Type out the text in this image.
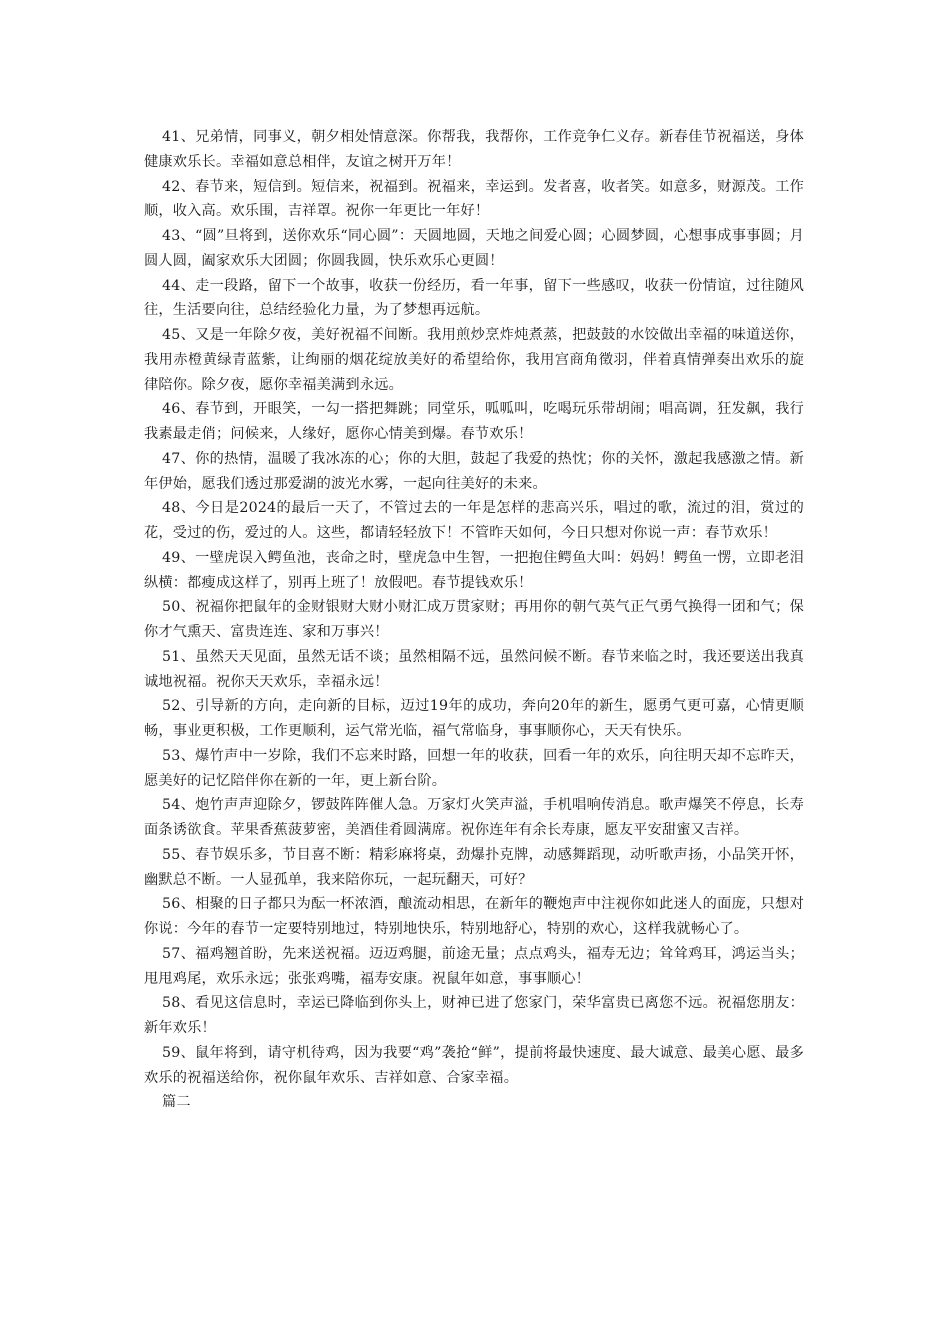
41、兄弟情，同事义，朝夕相处情意深。你帮我，我帮你，工作竞争仁义存。新春佳节祝福送，身体健康欢乐长。幸福如意总相伴，友谊之树开万年！

42、春节来，短信到。短信来，祝福到。祝福来，幸运到。发者喜，收者笑。如意多，财源茂。工作顺，收入高。欢乐围，吉祥罩。祝你一年更比一年好！

43、“圆”旦将到，送你欢乐“同心圆”：天圆地圆，天地之间爱心圆；心圆梦圆，心想事成事事圆；月圆人圆，阖家欢乐大团圆；你圆我圆，快乐欢乐心更圆！

44、走一段路，留下一个故事，收获一份经历，看一年事，留下一些感叹，收获一份情谊，过往随风往，生活要向往，总结经验化力量，为了梦想再远航。

45、又是一年除夕夜，美好祝福不间断。我用煎炒烹炸炖煮蒸，把鼓鼓的水饺做出幸福的味道送你，我用赤橙黄绿青蓝紫，让绚丽的烟花绽放美好的希望给你，我用宫商角徵羽，伴着真情弹奏出欢乐的旋律陪你。除夕夜，愿你幸福美满到永远。

46、春节到，开眼笑，一勾一搭把舞跳；同堂乐，呱呱叫，吃喝玩乐带胡闹；唱高调，狂发飙，我行我素最走俏；问候来，人缘好，愿你心情美到爆。春节欢乐！

47、你的热情，温暖了我冰冻的心；你的大胆，鼓起了我爱的热忱；你的关怀，激起我感激之情。新年伊始，愿我们透过那爱湖的波光水雾，一起向往美好的未来。

48、今日是2024的最后一天了，不管过去的一年是怎样的悲高兴乐，唱过的歌，流过的泪，赏过的花，受过的伤，爱过的人。这些，都请轻轻放下！不管昨天如何，今日只想对你说一声：春节欢乐！

49、一壁虎误入鳄鱼池，丧命之时，壁虎急中生智，一把抱住鳄鱼大叫：妈妈！鳄鱼一愣，立即老泪纵横：都瘦成这样了，别再上班了！放假吧。春节提钱欢乐！

50、祝福你把鼠年的金财银财大财小财汇成万贯家财；再用你的朝气英气正气勇气换得一团和气；保你才气熏天、富贵连连、家和万事兴！

51、虽然天天见面，虽然无话不谈；虽然相隔不远，虽然问候不断。春节来临之时，我还要送出我真诚地祝福。祝你天天欢乐，幸福永远！

52、引导新的方向，走向新的目标，迈过19年的成功，奔向20年的新生，愿勇气更可嘉，心情更顺畅，事业更积极，工作更顺利，运气常光临，福气常临身，事事顺你心，天天有快乐。

53、爆竹声中一岁除，我们不忘来时路，回想一年的收获，回看一年的欢乐，向往明天却不忘昨天，愿美好的记忆陪伴你在新的一年，更上新台阶。

54、炮竹声声迎除夕，锣鼓阵阵催人急。万家灯火笑声溢，手机唱响传消息。歌声爆笑不停息，长寿面条诱欲食。苹果香蕉菠萝密，美酒佳肴圆满席。祝你连年有余长寿康，愿友平安甜蜜又吉祥。

55、春节娱乐多，节目喜不断：精彩麻将桌，劲爆扑克牌，动感舞蹈现，动听歌声扬，小品笑开怀，幽默总不断。一人显孤单，我来陪你玩，一起玩翻天，可好？

56、相聚的日子都只为酝一杯浓酒，酿流动相思，在新年的鞭炮声中注视你如此迷人的面庞，只想对你说：今年的春节一定要特别地过，特别地快乐，特别地舒心，特别的欢心，这样我就畅心了。

57、福鸡翘首盼，先来送祝福。迈迈鸡腿，前途无量；点点鸡头，福寿无边；耸耸鸡耳，鸿运当头；甩甩鸡尾，欢乐永远；张张鸡嘴，福寿安康。祝鼠年如意，事事顺心！

58、看见这信息时，幸运已降临到你头上，财神已进了您家门，荣华富贵已离您不远。祝福您朋友：新年欢乐！

59、鼠年将到，请守机待鸡，因为我要“鸡”袭抢“鲜”，提前将最快速度、最大诚意、最美心愿、最多欢乐的祝福送给你，祝你鼠年欢乐、吉祥如意、合家幸福。

篇二
